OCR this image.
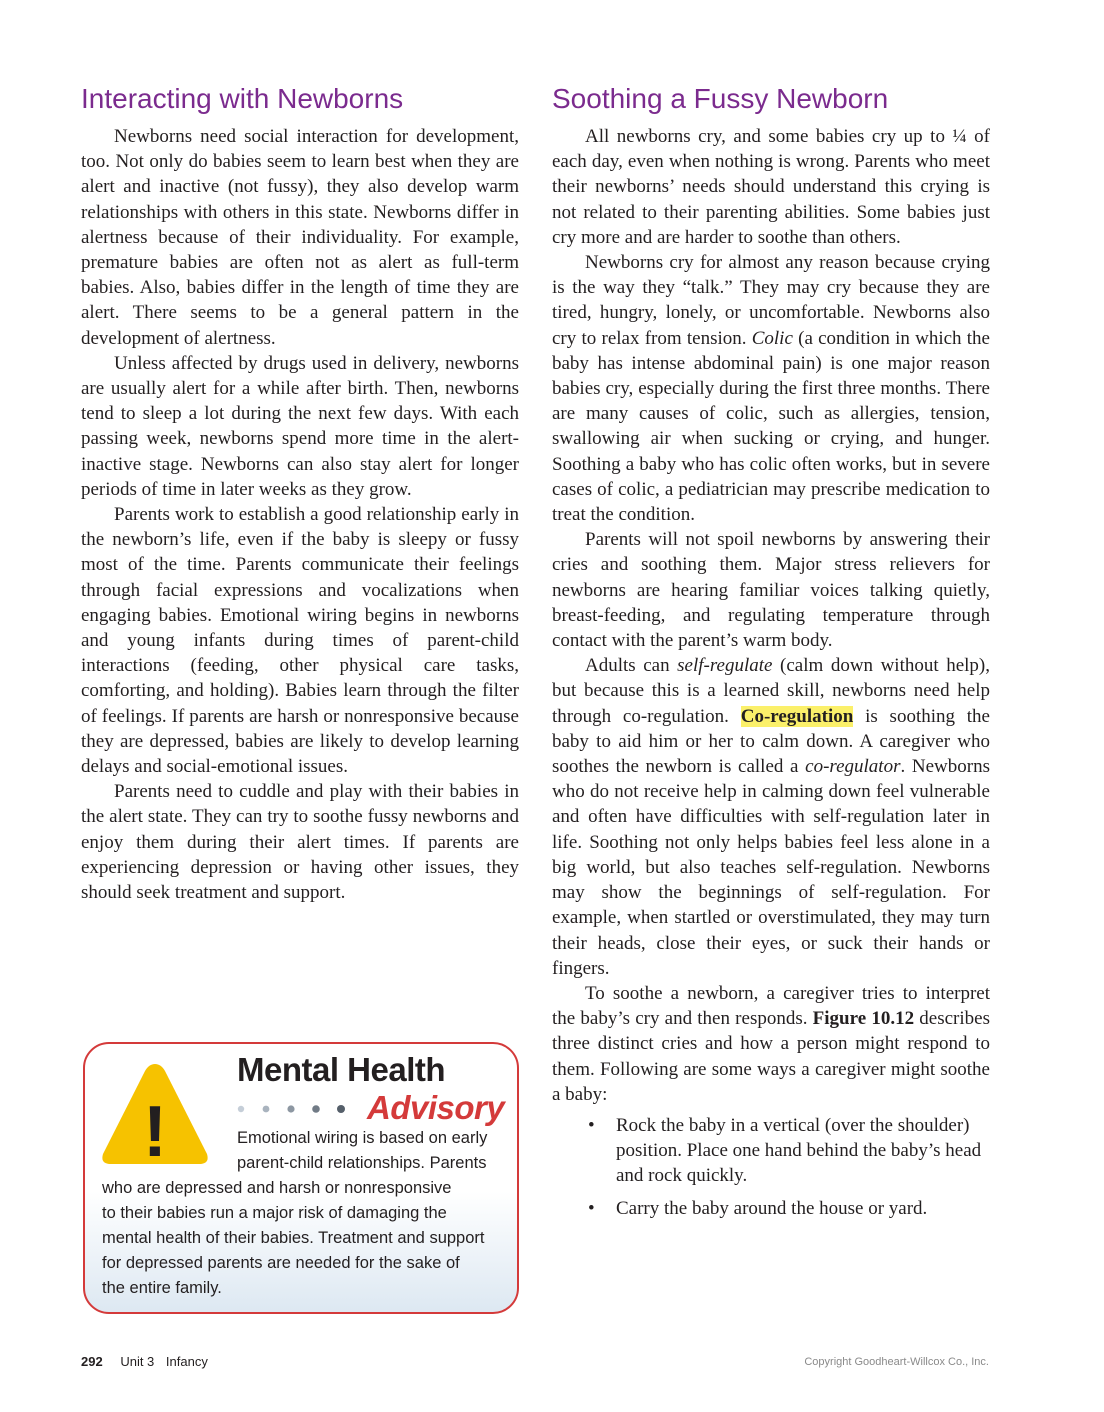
Interacting with Newborns

Newborns need social interaction for development, too. Not only do babies seem to learn best when they are alert and inactive (not fussy), they also develop warm relationships with others in this state. Newborns differ in alertness because of their individuality. For example, premature babies are often not as alert as full-term babies. Also, babies differ in the length of time they are alert. There seems to be a general pattern in the development of alertness.

Unless affected by drugs used in delivery, newborns are usually alert for a while after birth. Then, newborns tend to sleep a lot during the next few days. With each passing week, newborns spend more time in the alert-inactive stage. Newborns can also stay alert for longer periods of time in later weeks as they grow.

Parents work to establish a good relationship early in the newborn’s life, even if the baby is sleepy or fussy most of the time. Parents communicate their feelings through facial expressions and vocalizations when engaging babies. Emotional wiring begins in newborns and young infants during times of parent-child interactions (feeding, other physical care tasks, comforting, and holding). Babies learn through the filter of feelings. If parents are harsh or nonresponsive because they are depressed, babies are likely to develop learning delays and social-emotional issues.

Parents need to cuddle and play with their babies in the alert state. They can try to soothe fussy newborns and enjoy them during their alert times. If parents are experiencing depression or having other issues, they should seek treatment and support.

!
Mental Health
Advisory
Emotional wiring is based on early
parent-child relationships. Parents
who are depressed and harsh or nonresponsive
to their babies run a major risk of damaging the
mental health of their babies. Treatment and support
for depressed parents are needed for the sake of
the entire family.
Soothing a Fussy Newborn

All newborns cry, and some babies cry up to ¼ of each day, even when nothing is wrong. Parents who meet their newborns’ needs should understand this crying is not related to their parenting abilities. Some babies just cry more and are harder to soothe than others.

Newborns cry for almost any reason because crying is the way they “talk.” They may cry because they are tired, hungry, lonely, or uncomfortable. Newborns also cry to relax from tension. Colic (a condition in which the baby has intense abdominal pain) is one major reason babies cry, especially during the first three months. There are many causes of colic, such as allergies, tension, swallowing air when sucking or crying, and hunger. Soothing a baby who has colic often works, but in severe cases of colic, a pediatrician may prescribe medication to treat the condition.

Parents will not spoil newborns by answering their cries and soothing them. Major stress relievers for newborns are hearing familiar voices talking quietly, breast-feeding, and regulating temperature through contact with the parent’s warm body.

Adults can self-regulate (calm down without help), but because this is a learned skill, newborns need help through co-regulation. Co-regulation is soothing the baby to aid him or her to calm down. A caregiver who soothes the newborn is called a co-regulator. Newborns who do not receive help in calming down feel vulnerable and often have difficulties with self-regulation later in life. Soothing not only helps babies feel less alone in a big world, but also teaches self-regulation. Newborns may show the beginnings of self-regulation. For example, when startled or overstimulated, they may turn their heads, close their eyes, or suck their hands or fingers.

To soothe a newborn, a caregiver tries to interpret the baby’s cry and then responds. Figure 10.12 describes three distinct cries and how a person might respond to them. Following are some ways a caregiver might soothe a baby:

• Rock the baby in a vertical (over the shoulder) position. Place one hand behind the baby’s head and rock quickly.
• Carry the baby around the house or yard.
292 Unit 3 Infancy	Copyright Goodheart-Willcox Co., Inc.
